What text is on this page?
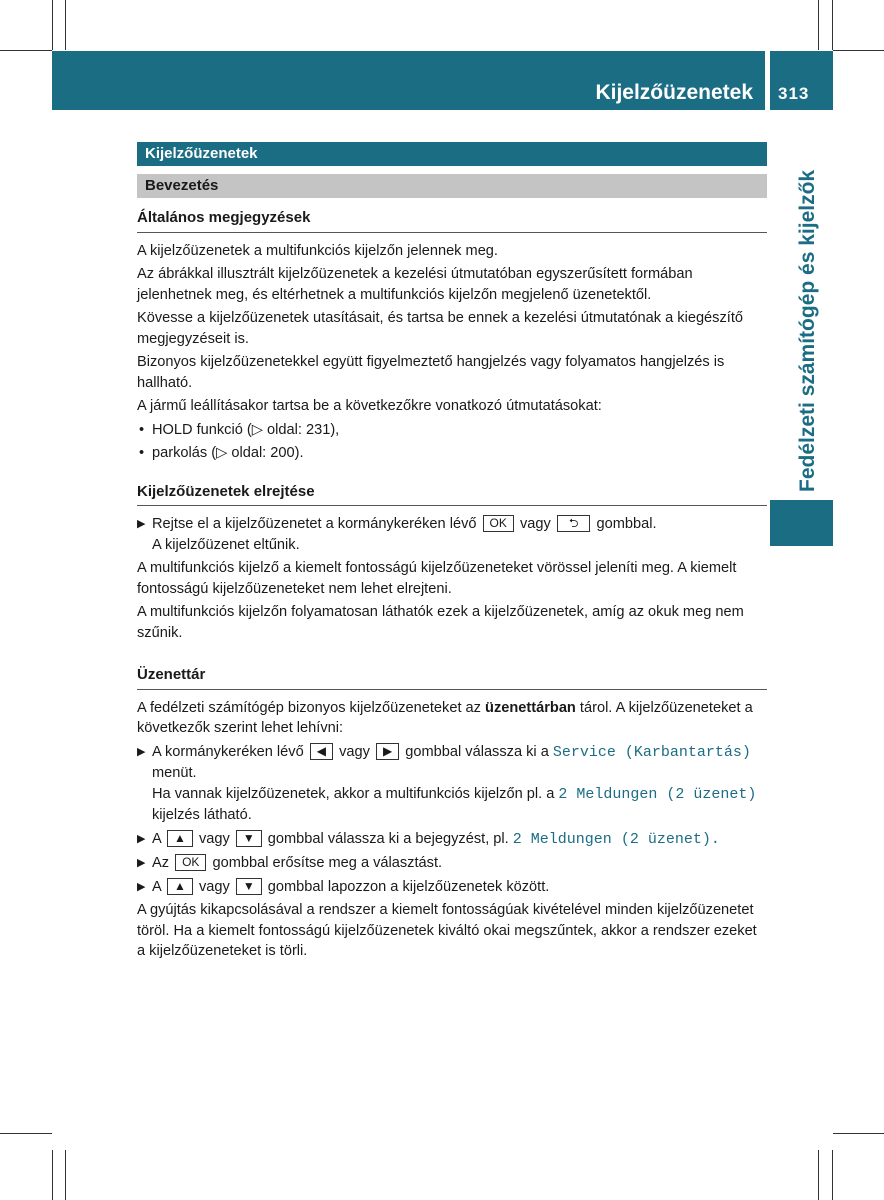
Kijelzőüzenetek 313
Fedélzeti számítógép és kijelzők
Kijelzőüzenetek
Bevezetés
Általános megjegyzések

A kijelzőüzenetek a multifunkciós kijelzőn jelennek meg.

Az ábrákkal illusztrált kijelzőüzenetek a kezelési útmutatóban egyszerűsített formában jelenhetnek meg, és eltérhetnek a multifunkciós kijelzőn megjelenő üzenetektől.

Kövesse a kijelzőüzenetek utasításait, és tartsa be ennek a kezelési útmutatónak a kiegészítő megjegyzéseit is.

Bizonyos kijelzőüzenetekkel együtt figyelmeztető hangjelzés vagy folyamatos hangjelzés is hallható.

A jármű leállításakor tartsa be a következőkre vonatkozó útmutatásokat:

• HOLD funkció (▷ oldal: 231),
• parkolás (▷ oldal: 200).
Kijelzőüzenetek elrejtése
▶ Rejtse el a kijelzőüzenetet a kormánykeréken lévő OK vagy ⮌ gombbal.
A kijelzőüzenet eltűnik.

A multifunkciós kijelző a kiemelt fontosságú kijelzőüzeneteket vörössel jeleníti meg. A kiemelt fontosságú kijelzőüzeneteket nem lehet elrejteni.

A multifunkciós kijelzőn folyamatosan láthatók ezek a kijelzőüzenetek, amíg az okuk meg nem szűnik.

Üzenettár

A fedélzeti számítógép bizonyos kijelzőüzeneteket az üzenettárban tárol. A kijelzőüzeneteket a következők szerint lehet lehívni:

▶ A kormánykeréken lévő ◀ vagy ▶ gombbal válassza ki a Service (Karbantartás) menüt.
Ha vannak kijelzőüzenetek, akkor a multifunkciós kijelzőn pl. a 2 Meldungen (2 üzenet) kijelzés látható.
▶ A ▲ vagy ▼ gombbal válassza ki a bejegyzést, pl. 2 Meldungen (2 üzenet).
▶ Az OK gombbal erősítse meg a választást.
▶ A ▲ vagy ▼ gombbal lapozzon a kijelzőüzenetek között.

A gyújtás kikapcsolásával a rendszer a kiemelt fontosságúak kivételével minden kijelzőüzenetet töröl. Ha a kiemelt fontosságú kijelzőüzenetek kiváltó okai megszűntek, akkor a rendszer ezeket a kijelzőüzeneteket is törli.
